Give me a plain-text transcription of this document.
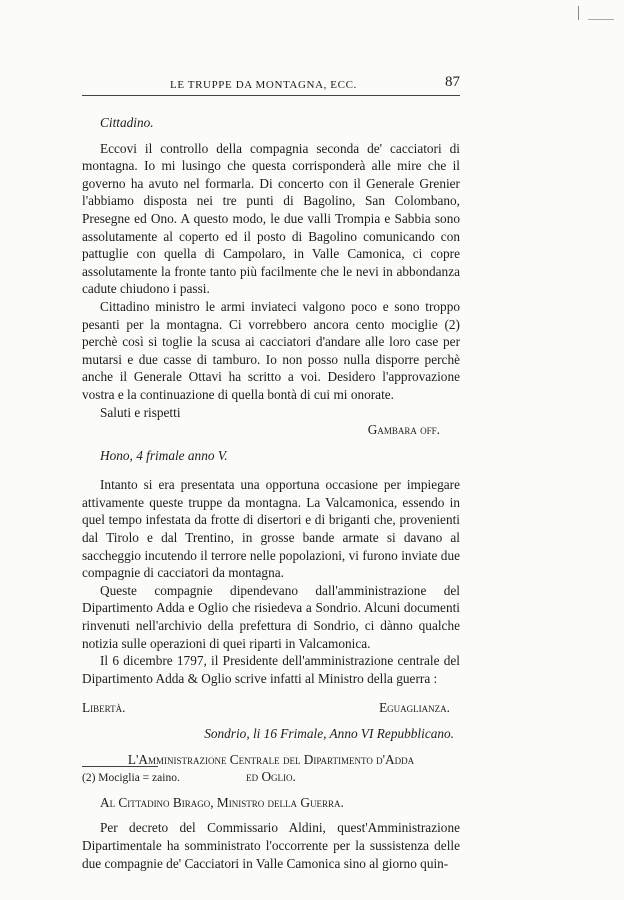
LE TRUPPE DA MONTAGNA, ECC.	87

Cittadino.

Eccovi il controllo della compagnia seconda de' cacciatori di montagna. Io mi lusingo che questa corrisponderà alle mire che il governo ha avuto nel formarla. Di concerto con il Generale Grenier l'abbiamo disposta nei tre punti di Bagolino, San Colombano, Presegne ed Ono. A questo modo, le due valli Trompia e Sabbia sono assolutamente al coperto ed il posto di Bagolino comunicando con pattuglie con quella di Campolaro, in Valle Camonica, ci copre assolutamente la fronte tanto più facilmente che le nevi in abbondanza cadute chiudono i passi.

Cittadino ministro le armi inviateci valgono poco e sono troppo pesanti per la montagna. Ci vorrebbero ancora cento mociglie (2) perchè così si toglie la scusa ai cacciatori d'andare alle loro case per mutarsi e due casse di tamburo. Io non posso nulla disporre perchè anche il Generale Ottavi ha scritto a voi. Desidero l'approvazione vostra e la continuazione di quella bontà di cui mi onorate.

Saluti e rispetti

Gambara off.

Hono, 4 frimale anno V.

Intanto si era presentata una opportuna occasione per impiegare attivamente queste truppe da montagna. La Valcamonica, essendo in quel tempo infestata da frotte di disertori e di briganti che, provenienti dal Tirolo e dal Trentino, in grosse bande armate si davano al saccheggio incutendo il terrore nelle popolazioni, vi furono inviate due compagnie di cacciatori da montagna.

Queste compagnie dipendevano dall'amministrazione del Dipartimento Adda e Oglio che risiedeva a Sondrio. Alcuni documenti rinvenuti nell'archivio della prefettura di Sondrio, ci dànno qualche notizia sulle operazioni di quei riparti in Valcamonica.

Il 6 dicembre 1797, il Presidente dell'amministrazione centrale del Dipartimento Adda & Oglio scrive infatti al Ministro della guerra :

Libertà.	Eguaglianza.

Sondrio, li 16 Frimale, Anno VI Repubblicano.

L'Amministrazione Centrale del Dipartimento d'Adda

ed Oglio.

Al Cittadino Birago, Ministro della Guerra.

Per decreto del Commissario Aldini, quest'Amministrazione Dipartimentale ha somministrato l'occorrente per la sussistenza delle due compagnie de' Cacciatori in Valle Camonica sino al giorno quin-

(2) Mociglia = zaino.
